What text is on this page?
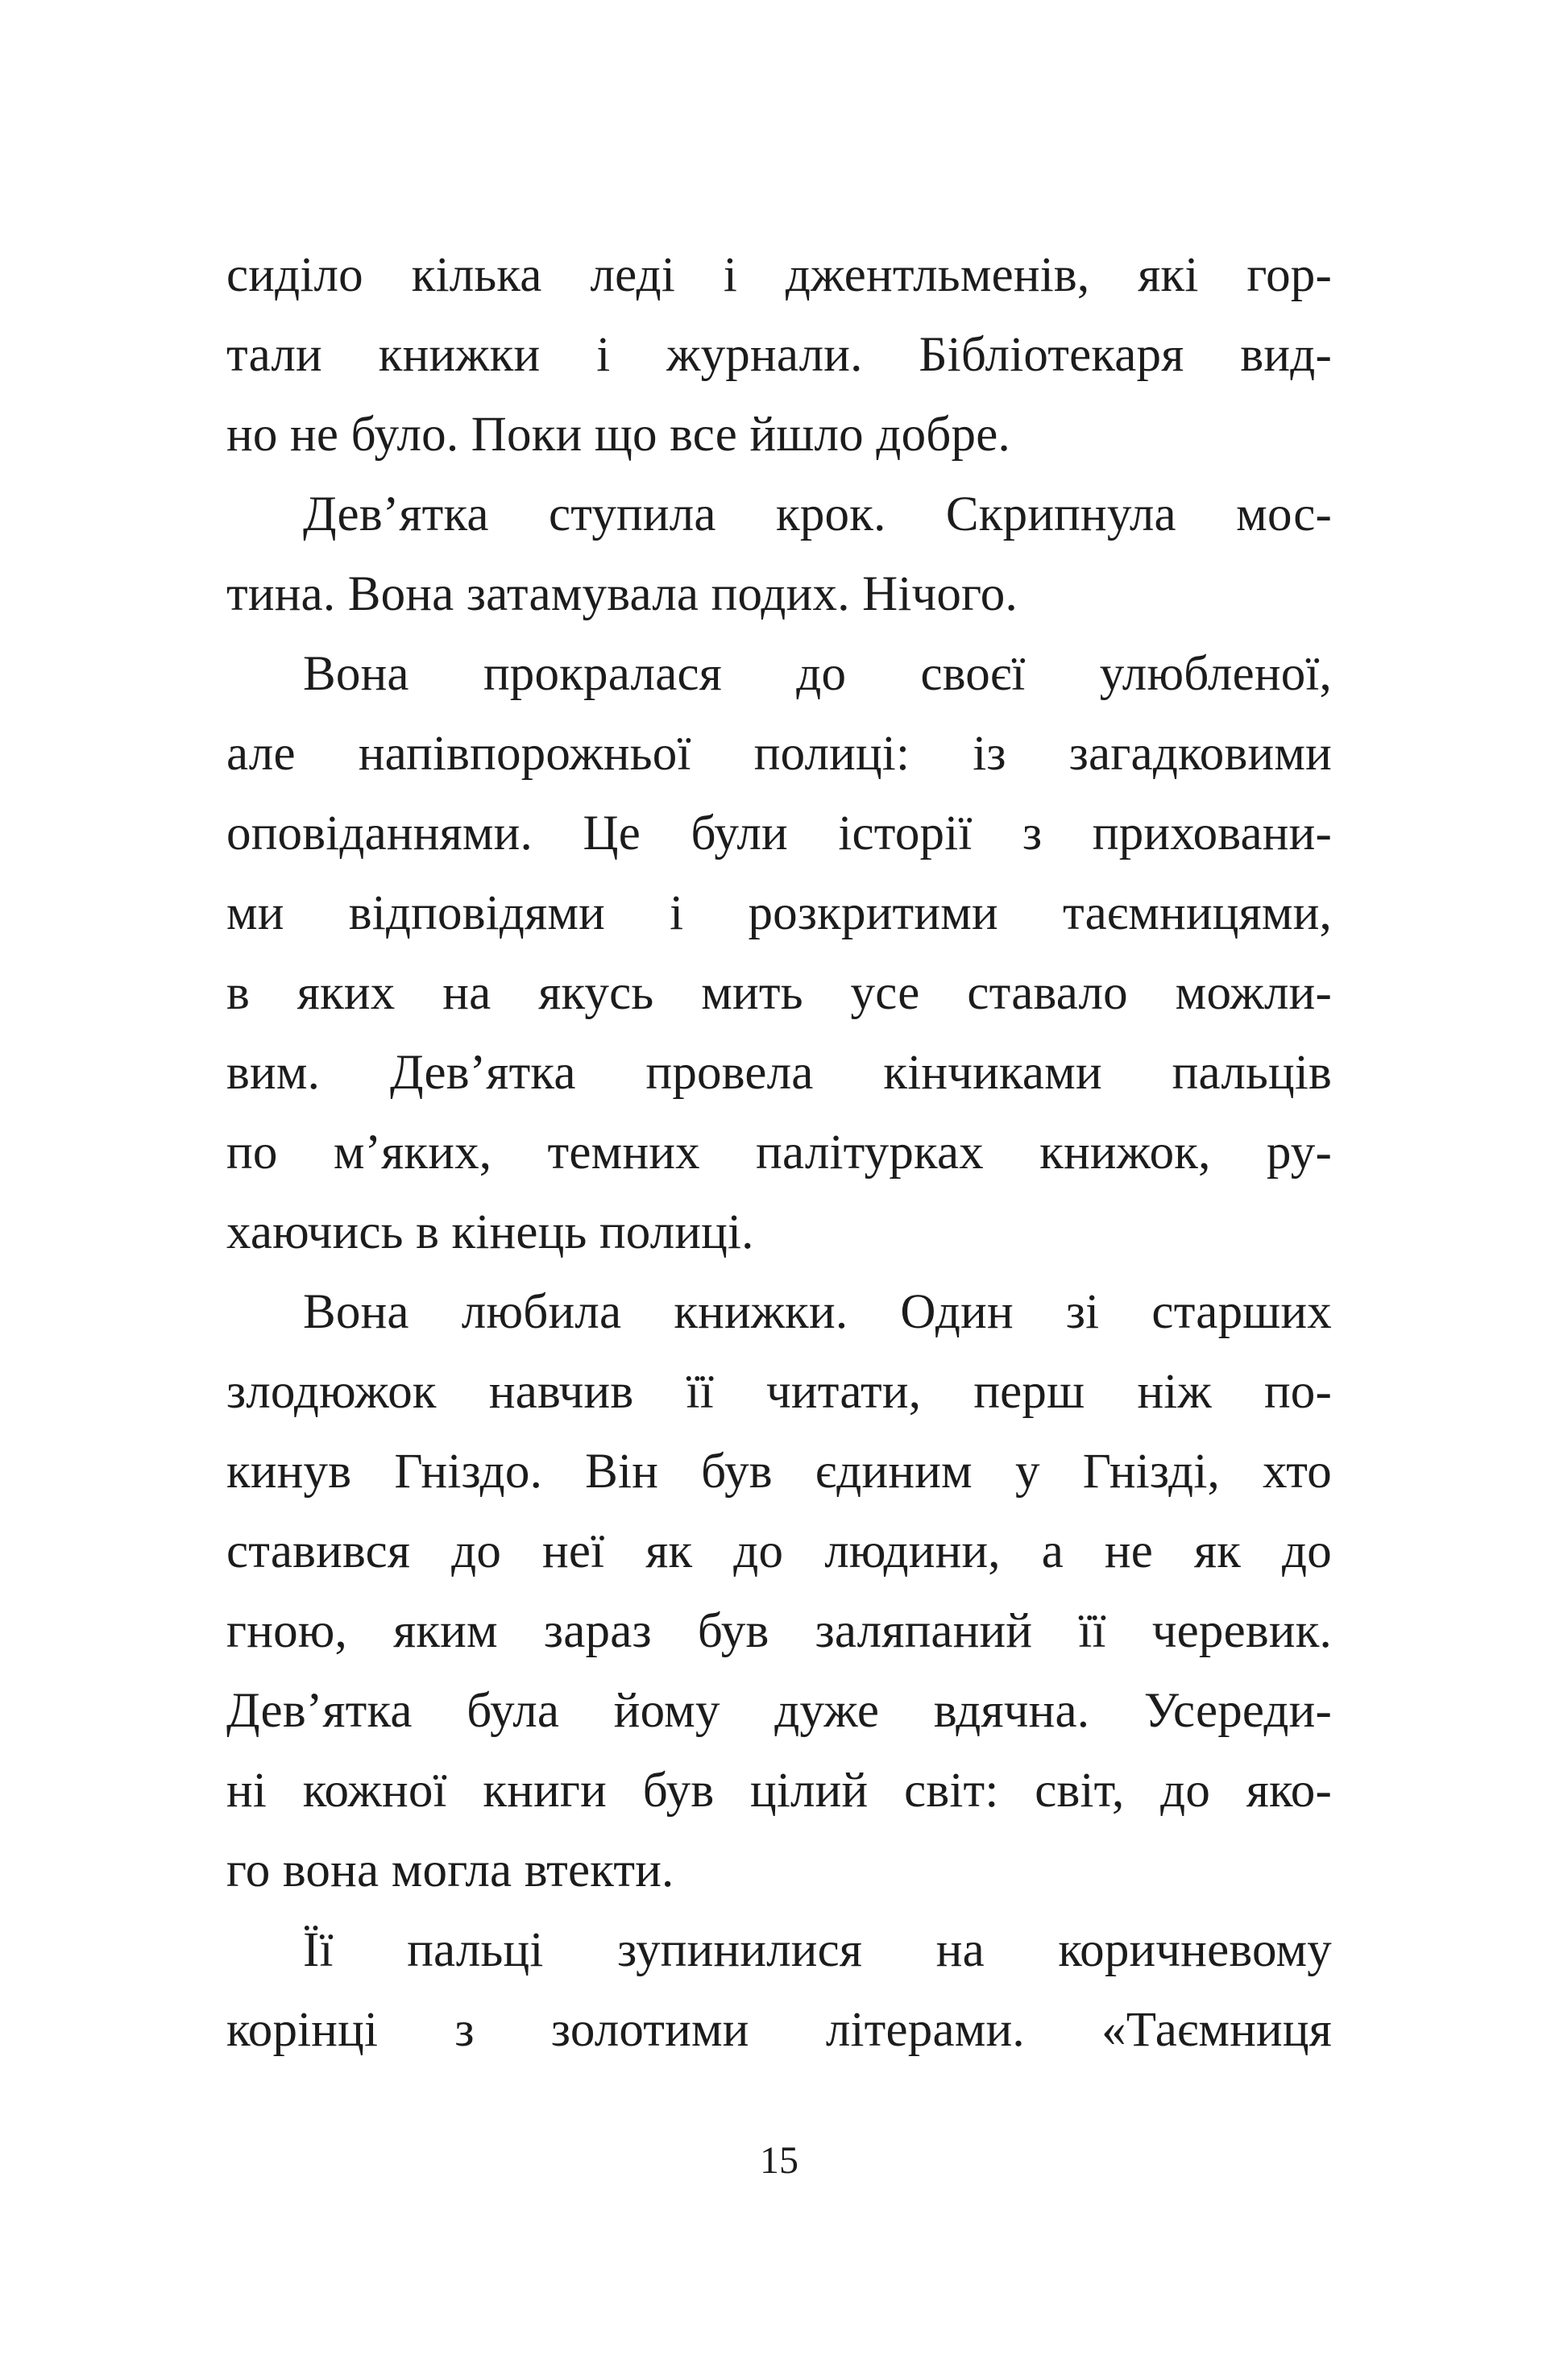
сиділо кілька леді і джентльменів, які гор-
тали книжки і журнали. Бібліотекаря вид-
но не було. Поки що все йшло добре.
Дев’ятка ступила крок. Скрипнула мос-
тина. Вона затамувала подих. Нічого.
Вона прокралася до своєї улюбленої,
але напівпорожньої полиці: із загадковими
оповіданнями. Це були історії з приховани-
ми відповідями і розкритими таємницями,
в яких на якусь мить усе ставало можли-
вим. Дев’ятка провела кінчиками пальців
по м’яких, темних палітурках книжок, ру-
хаючись в кінець полиці.
Вона любила книжки. Один зі старших
злодюжок навчив її читати, перш ніж по-
кинув Гніздо. Він був єдиним у Гнізді, хто
ставився до неї як до людини, а не як до
гною, яким зараз був заляпаний її черевик.
Дев’ятка була йому дуже вдячна. Усереди-
ні кожної книги був цілий світ: світ, до яко-
го вона могла втекти.
Її пальці зупинилися на коричневому
корінці з золотими літерами. «Таємниця
15
